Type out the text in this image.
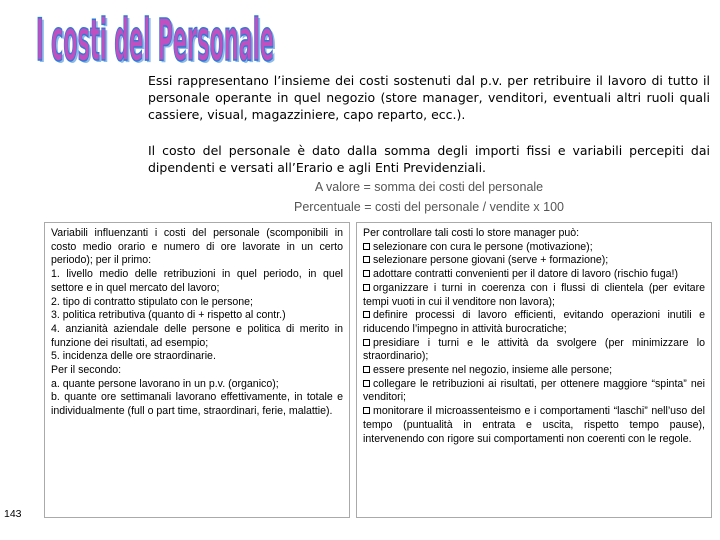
I costi del Personale
I costi del Personale

Essi rappresentano l’insieme dei costi sostenuti dal p.v. per retribuire il lavoro di tutto il personale operante in quel negozio (store manager, venditori, eventuali altri ruoli quali cassiere, visual, magazziniere, capo reparto, ecc.).

Il costo del personale è dato dalla somma degli importi fissi e variabili percepiti dai dipendenti e versati all’Erario e agli Enti Previdenziali.

A valore = somma dei costi del personale
Percentuale = costi del personale / vendite x 100

Variabili influenzanti i costi del personale (scomponibili in costo medio orario e numero di ore lavorate in un certo periodo); per il primo:

1. livello medio delle retribuzioni in quel periodo, in quel settore e in quel mercato del lavoro;

2. tipo di contratto stipulato con le persone;

3. politica retributiva (quanto di + rispetto al contr.)

4. anzianità aziendale delle persone e politica di merito in funzione dei risultati, ad esempio;

5. incidenza delle ore straordinarie.

Per il secondo:

a. quante persone lavorano in un p.v. (organico);

b. quante ore settimanali lavorano effettivamente, in totale e individualmente (full o part time, straordinari, ferie, malattie).

Per controllare tali costi lo store manager può:

selezionare con cura le persone (motivazione);

selezionare persone giovani (serve + formazione);

adottare contratti convenienti per il datore di lavoro (rischio fuga!)

organizzare i turni in coerenza con i flussi di clientela (per evitare tempi vuoti in cui il venditore non lavora);

definire processi di lavoro efficienti, evitando operazioni inutili e riducendo l’impegno in attività burocratiche;

presidiare i turni e le attività da svolgere (per minimizzare lo straordinario);

essere presente nel negozio, insieme alle persone;

collegare le retribuzioni ai risultati, per ottenere maggiore “spinta” nei venditori;

monitorare il microassenteismo e i comportamenti “laschi” nell’uso del tempo (puntualità in entrata e uscita, rispetto tempo pause), intervenendo con rigore sui comportamenti non coerenti con le regole.

143
